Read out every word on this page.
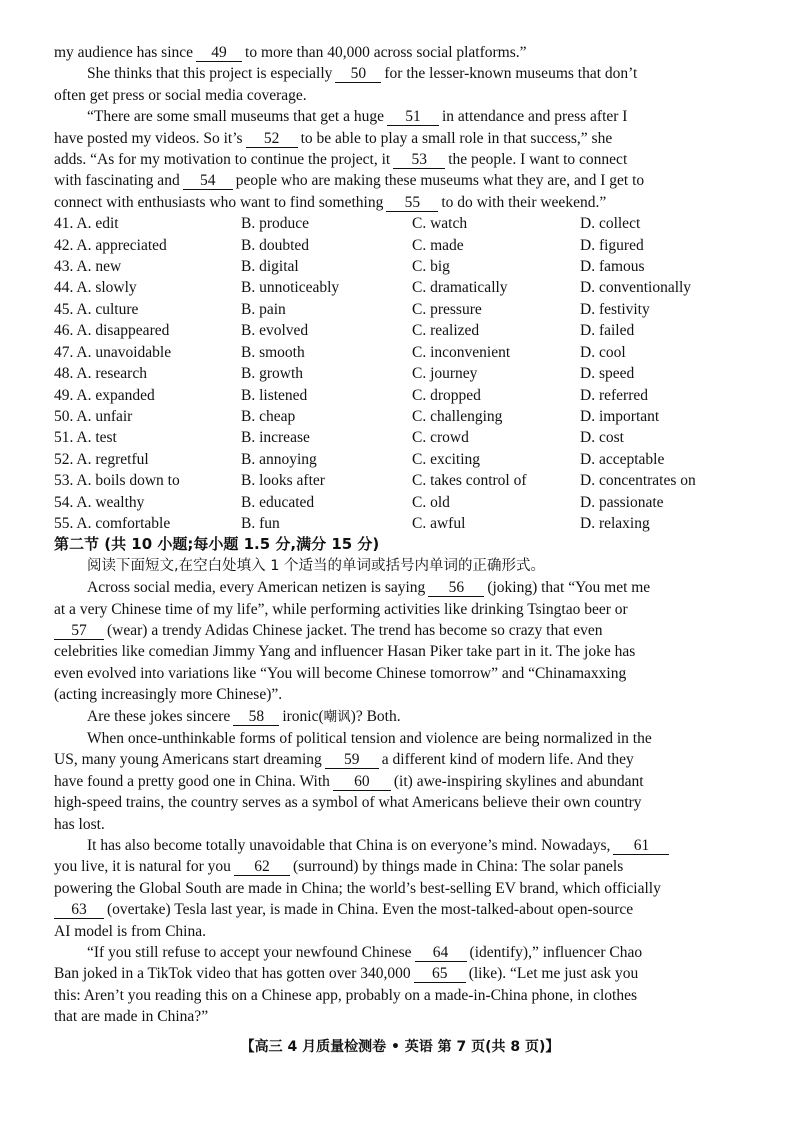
my audience has since 49 to more than 40,000 across social platforms.”
She thinks that this project is especially 50 for the lesser-known museums that don’t
often get press or social media coverage.
“There are some small museums that get a huge 51 in attendance and press after I
have posted my videos. So it’s 52 to be able to play a small role in that success,” she
adds. “As for my motivation to continue the project, it 53 the people. I want to connect
with fascinating and 54 people who are making these museums what they are, and I get to
connect with enthusiasts who want to find something 55 to do with their weekend.”
41. A. edit	B. produce	C. watch	D. collect
42. A. appreciated	B. doubted	C. made	D. figured
43. A. new	B. digital	C. big	D. famous
44. A. slowly	B. unnoticeably	C. dramatically	D. conventionally
45. A. culture	B. pain	C. pressure	D. festivity
46. A. disappeared	B. evolved	C. realized	D. failed
47. A. unavoidable	B. smooth	C. inconvenient	D. cool
48. A. research	B. growth	C. journey	D. speed
49. A. expanded	B. listened	C. dropped	D. referred
50. A. unfair	B. cheap	C. challenging	D. important
51. A. test	B. increase	C. crowd	D. cost
52. A. regretful	B. annoying	C. exciting	D. acceptable
53. A. boils down to	B. looks after	C. takes control of	D. concentrates on
54. A. wealthy	B. educated	C. old	D. passionate
55. A. comfortable	B. fun	C. awful	D. relaxing
第二节 (共 10 小题;每小题 1.5 分,满分 15 分)
阅读下面短文,在空白处填入 1 个适当的单词或括号内单词的正确形式。
Across social media, every American netizen is saying 56 (joking) that “You met me
at a very Chinese time of my life”, while performing activities like drinking Tsingtao beer or
57 (wear) a trendy Adidas Chinese jacket. The trend has become so crazy that even
celebrities like comedian Jimmy Yang and influencer Hasan Piker take part in it. The joke has
even evolved into variations like “You will become Chinese tomorrow” and “Chinamaxxing
(acting increasingly more Chinese)”.
Are these jokes sincere 58 ironic(嘲讽)? Both.
When once-unthinkable forms of political tension and violence are being normalized in the
US, many young Americans start dreaming 59 a different kind of modern life. And they
have found a pretty good one in China. With 60 (it) awe-inspiring skylines and abundant
high-speed trains, the country serves as a symbol of what Americans believe their own country
has lost.
It has also become totally unavoidable that China is on everyone’s mind. Nowadays, 61
you live, it is natural for you 62 (surround) by things made in China: The solar panels
powering the Global South are made in China; the world’s best-selling EV brand, which officially
63 (overtake) Tesla last year, is made in China. Even the most-talked-about open-source
AI model is from China.
“If you still refuse to accept your newfound Chinese 64 (identify),” influencer Chao
Ban joked in a TikTok video that has gotten over 340,000 65 (like). “Let me just ask you
this: Aren’t you reading this on a Chinese app, probably on a made-in-China phone, in clothes
that are made in China?”
【高三 4 月质量检测卷 • 英语 第 7 页(共 8 页)】
